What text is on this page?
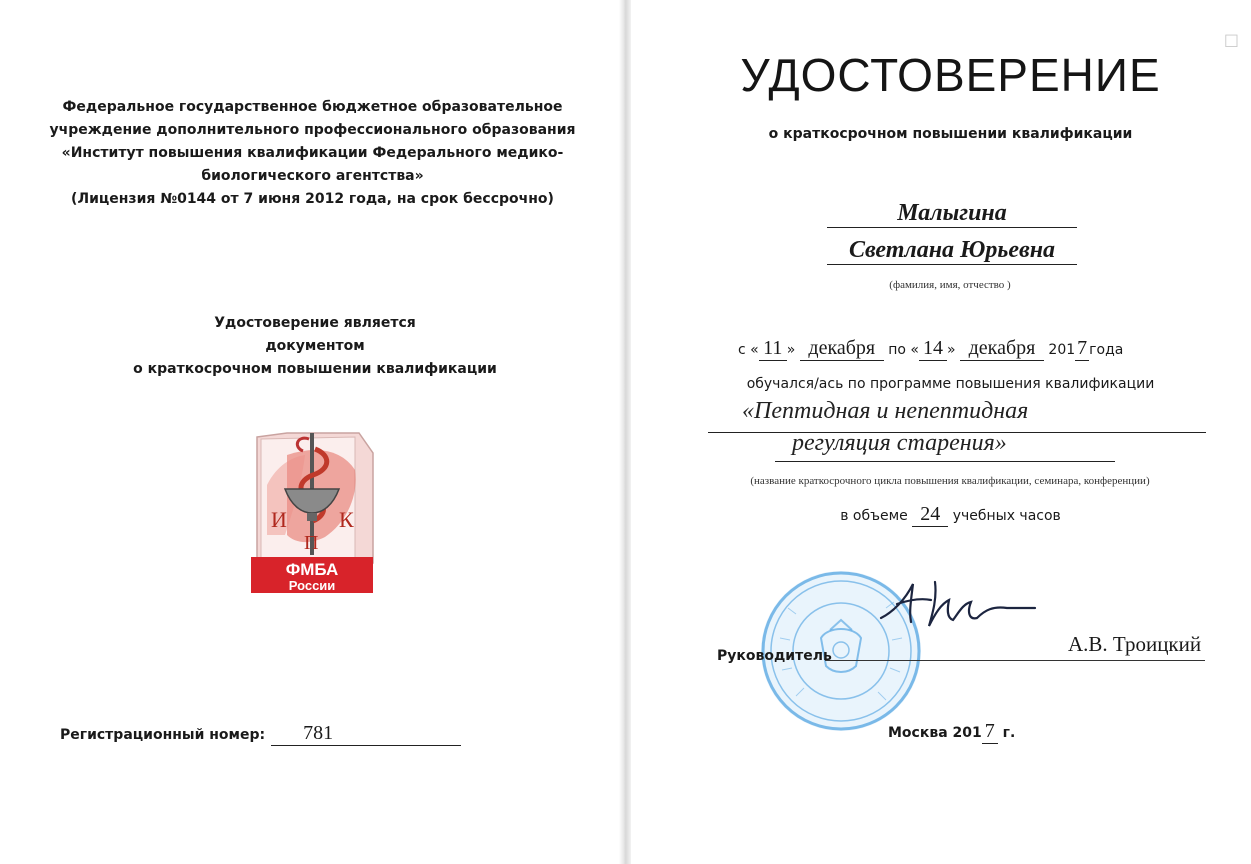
Федеральное государственное бюджетное образовательное
учреждение дополнительного профессионального образования
«Институт повышения квалификации Федерального медико-
биологического агентства»
(Лицензия №0144 от 7 июня 2012 года, на срок бессрочно)
Удостоверение является
документом
о краткосрочном повышении квалификации
И К
П
ФМБА
России
Регистрационный номер: 781
□
УДОСТОВЕРЕНИЕ
о краткосрочном повышении квалификации
Малыгина
Светлана Юрьевна
(фамилия, имя, отчество )
с « 11 » декабря по « 14 » декабря 201 7 года
обучался/ась по программе повышения квалификации
«Пептидная и непептидная
регуляция старения»
(название краткосрочного цикла повышения квалификации, семинара, конференции)
в объеме 24 учебных часов
Руководитель	А.В. Троицкий
Москва 201 7 г.
